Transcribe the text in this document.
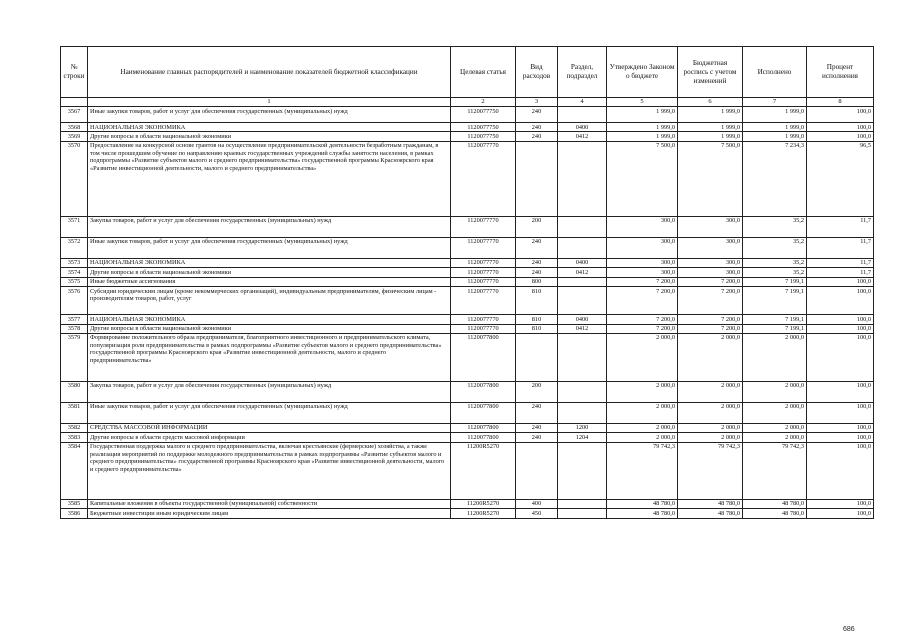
№ строки	Наименование главных распорядителей и наименование показателей бюджетной классификации	Целевая статья	Вид расходов	Раздел, подраздел	Утверждено Законом о бюджете	Бюджетная роспись с учетом изменений	Исполнено	Процент исполнения
	1	2	3	4	5	6	7	8
3567	Иные закупки товаров, работ и услуг для обеспечения государственных (муниципальных) нужд	1120077750	240		1 999,0	1 999,0	1 999,0	100,0
3568	НАЦИОНАЛЬНАЯ ЭКОНОМИКА	1120077750	240	0400	1 999,0	1 999,0	1 999,0	100,0
3569	Другие вопросы в области национальной экономики	1120077750	240	0412	1 999,0	1 999,0	1 999,0	100,0
3570	Предоставление на конкурсной основе грантов на осуществление предпринимательской деятельности безработным гражданам, в том числе прошедшим обучение по направлению краевых государственных учреждений службы занятости населения, в рамках подпрограммы «Развитие субъектов малого и среднего предпринимательства» государственной программы Красноярского края «Развитие инвестиционной деятельности, малого и среднего предпринимательства»	1120077770			7 500,0	7 500,0	7 234,3	96,5
3571	Закупка товаров, работ и услуг для обеспечения государственных (муниципальных) нужд	1120077770	200		300,0	300,0	35,2	11,7
3572	Иные закупки товаров, работ и услуг для обеспечения государственных (муниципальных) нужд	1120077770	240		300,0	300,0	35,2	11,7
3573	НАЦИОНАЛЬНАЯ ЭКОНОМИКА	1120077770	240	0400	300,0	300,0	35,2	11,7
3574	Другие вопросы в области национальной экономики	1120077770	240	0412	300,0	300,0	35,2	11,7
3575	Иные бюджетные ассигнования	1120077770	800		7 200,0	7 200,0	7 199,1	100,0
3576	Субсидии юридическим лицам (кроме некоммерческих организаций), индивидуальным предпринимателям, физическим лицам - производителям товаров, работ, услуг	1120077770	810		7 200,0	7 200,0	7 199,1	100,0
3577	НАЦИОНАЛЬНАЯ ЭКОНОМИКА	1120077770	810	0400	7 200,0	7 200,0	7 199,1	100,0
3578	Другие вопросы в области национальной экономики	1120077770	810	0412	7 200,0	7 200,0	7 199,1	100,0
3579	Формирование положительного образа предпринимателя, благоприятного инвестиционного и предпринимательского климата, популяризация роли предпринимательства в рамках подпрограммы «Развитие субъектов малого и среднего предпринимательства» государственной программы Красноярского края «Развитие инвестиционной деятельности, малого и среднего предпринимательства»	1120077800			2 000,0	2 000,0	2 000,0	100,0
3580	Закупка товаров, работ и услуг для обеспечения государственных (муниципальных) нужд	1120077800	200		2 000,0	2 000,0	2 000,0	100,0
3581	Иные закупки товаров, работ и услуг для обеспечения государственных (муниципальных) нужд	1120077800	240		2 000,0	2 000,0	2 000,0	100,0
3582	СРЕДСТВА МАССОВОЙ ИНФОРМАЦИИ	1120077800	240	1200	2 000,0	2 000,0	2 000,0	100,0
3583	Другие вопросы в области средств массовой информации	1120077800	240	1204	2 000,0	2 000,0	2 000,0	100,0
3584	Государственная поддержка малого и среднего предпринимательства, включая крестьянские (фермерские) хозяйства, а также реализация мероприятий по поддержке молодежного предпринимательства в рамках подпрограммы «Развитие субъектов малого и среднего предпринимательства» государственной программы Красноярского края «Развитие инвестиционной деятельности, малого и среднего предпринимательства»	11200R5270			79 742,3	79 742,3	79 742,3	100,0
3585	Капитальные вложения в объекты государственной (муниципальной) собственности	11200R5270	400		48 780,0	48 780,0	48 780,0	100,0
3586	Бюджетные инвестиции иным юридическим лицам	11200R5270	450		48 780,0	48 780,0	48 780,0	100,0
686
